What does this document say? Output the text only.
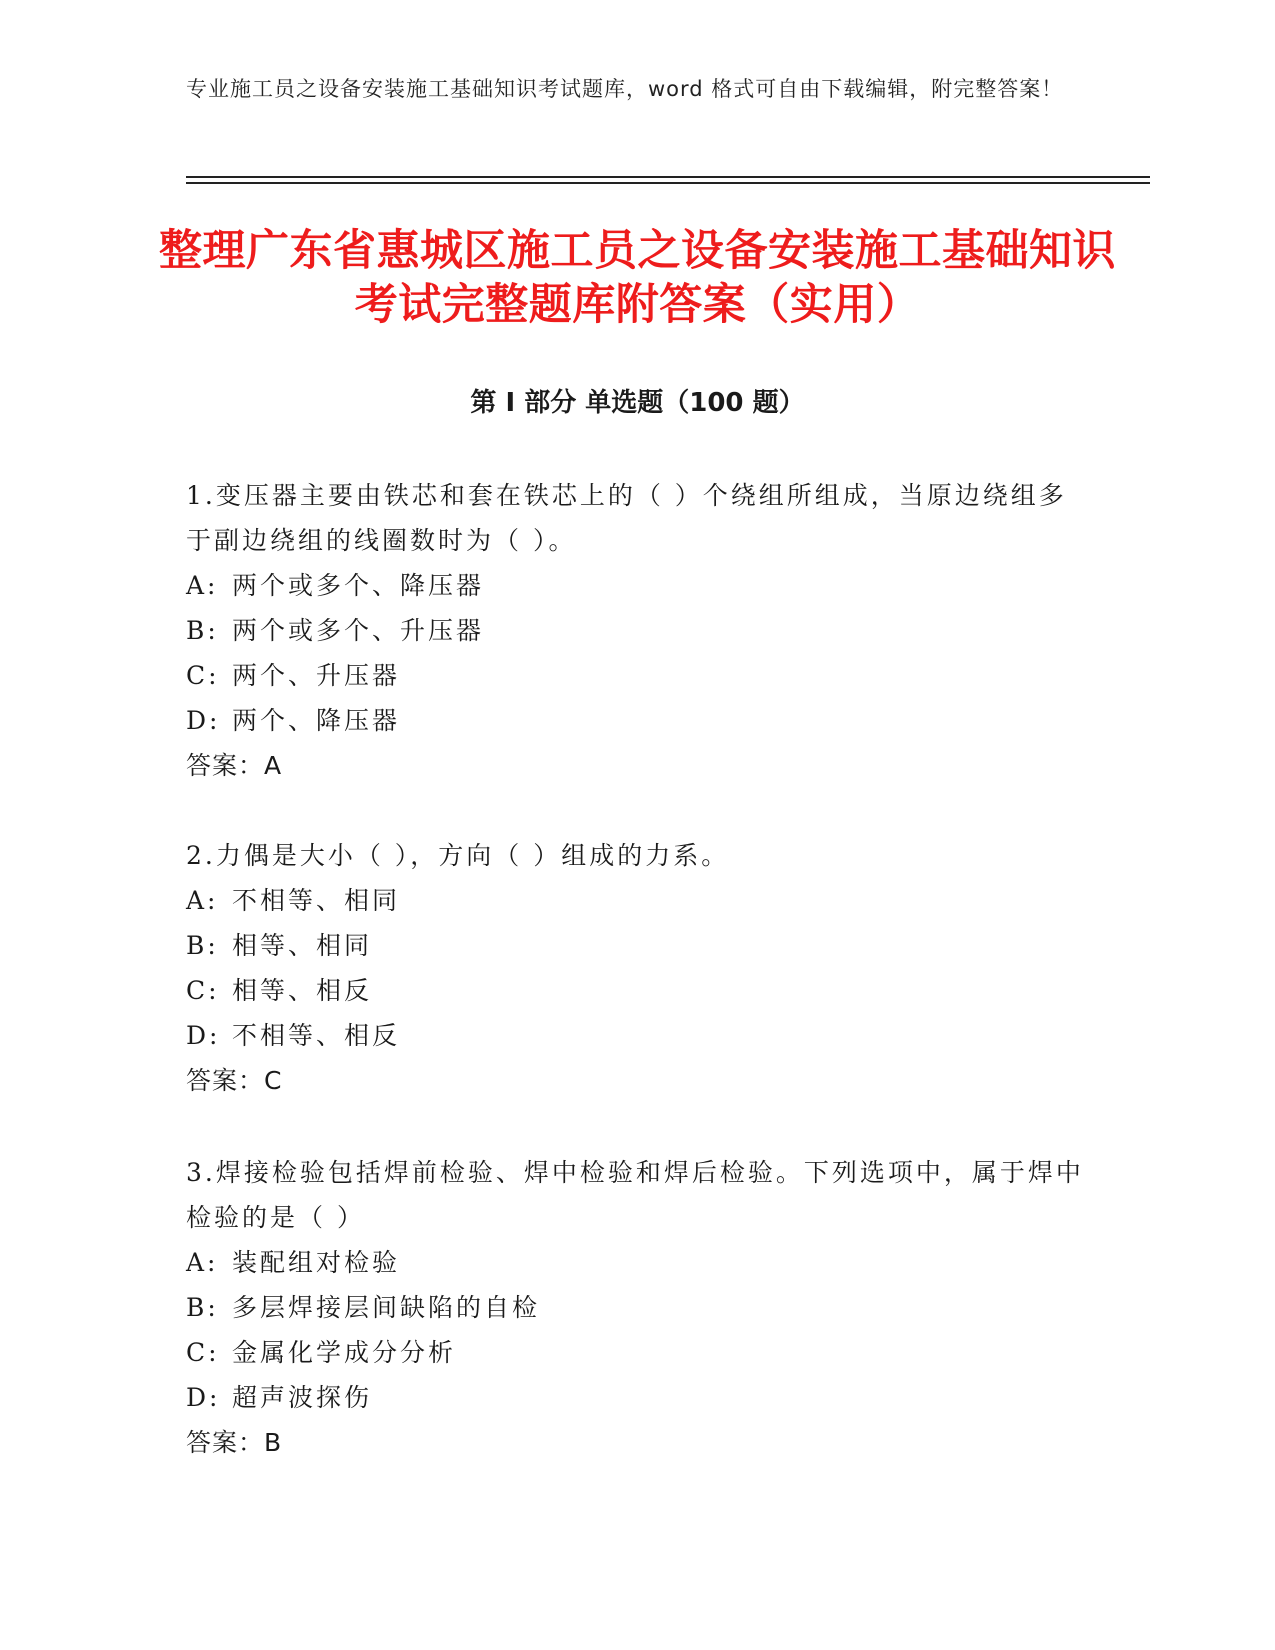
专业施工员之设备安装施工基础知识考试题库，word 格式可自由下载编辑，附完整答案！
整理广东省惠城区施工员之设备安装施工基础知识考试完整题库附答案（实用）
第 I 部分 单选题（100 题）

1.变压器主要由铁芯和套在铁芯上的（ ）个绕组所组成，当原边绕组多于副边绕组的线圈数时为（ ）。

A: 两个或多个、降压器

B: 两个或多个、升压器

C: 两个、升压器

D: 两个、降压器

答案：A

2.力偶是大小（ ），方向（ ）组成的力系。

A: 不相等、相同

B: 相等、相同

C: 相等、相反

D: 不相等、相反

答案：C

3.焊接检验包括焊前检验、焊中检验和焊后检验。下列选项中，属于焊中检验的是（ ）

A: 装配组对检验

B: 多层焊接层间缺陷的自检

C: 金属化学成分分析

D: 超声波探伤

答案：B
